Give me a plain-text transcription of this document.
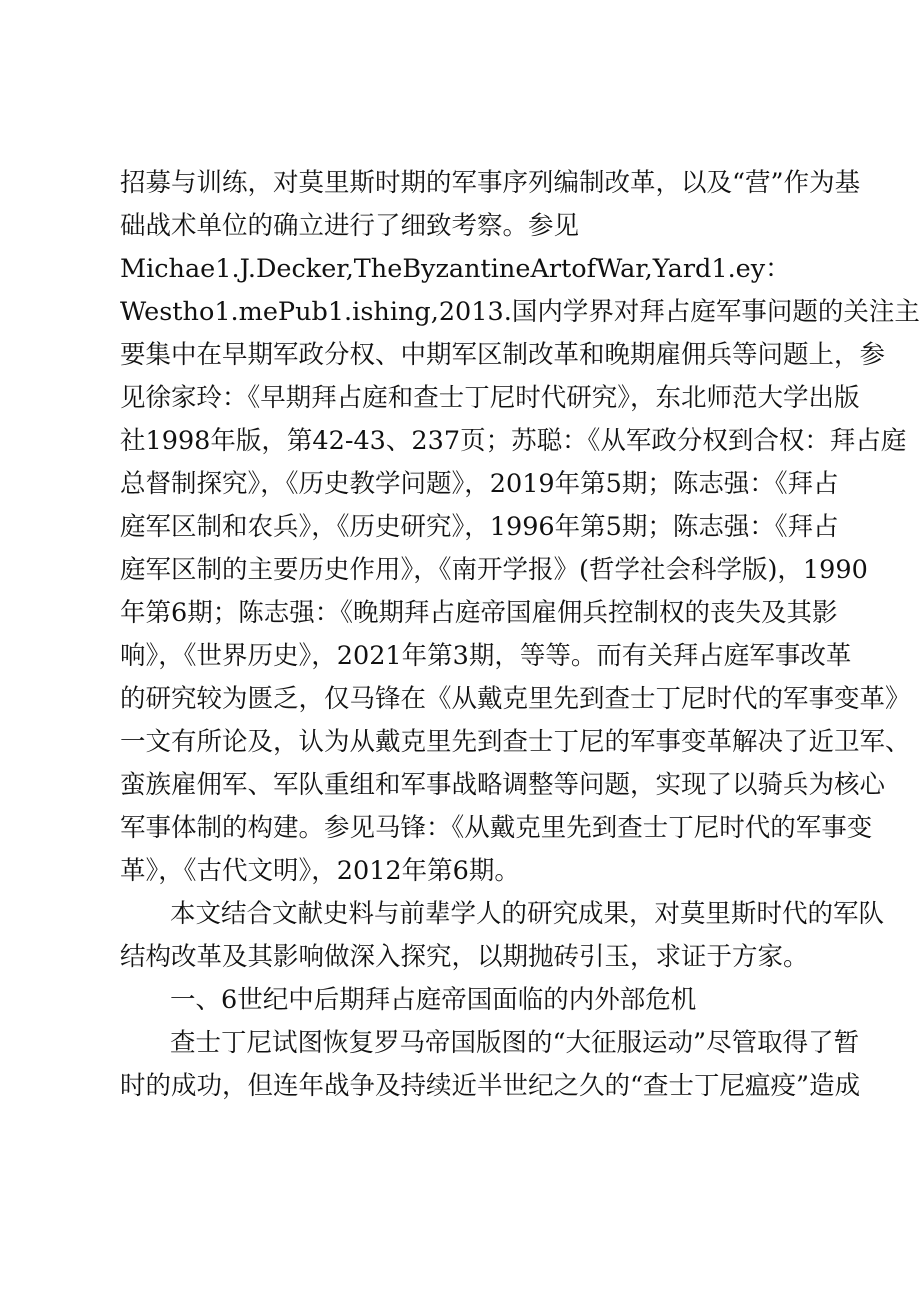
招募与训练，对莫里斯时期的军事序列编制改革，以及“营”作为基
础战术单位的确立进行了细致考察。参见
Michae1.J.Decker,TheByzantineArtofWar,Yard1.ey：
Westho1.mePub1.ishing,2013.国内学界对拜占庭军事问题的关注主
要集中在早期军政分权、中期军区制改革和晚期雇佣兵等问题上，参
见徐家玲：《早期拜占庭和查士丁尼时代研究》，东北师范大学出版
社1998年版，第42-43、237页；苏聪：《从军政分权到合权：拜占庭
总督制探究》，《历史教学问题》，2019年第5期；陈志强：《拜占
庭军区制和农兵》，《历史研究》，1996年第5期；陈志强：《拜占
庭军区制的主要历史作用》，《南开学报》(哲学社会科学版)，1990
年第6期；陈志强：《晚期拜占庭帝国雇佣兵控制权的丧失及其影
响》，《世界历史》，2021年第3期，等等。而有关拜占庭军事改革
的研究较为匮乏，仅马锋在《从戴克里先到查士丁尼时代的军事变革》
一文有所论及，认为从戴克里先到查士丁尼的军事变革解决了近卫军、
蛮族雇佣军、军队重组和军事战略调整等问题，实现了以骑兵为核心
军事体制的构建。参见马锋：《从戴克里先到查士丁尼时代的军事变
革》，《古代文明》，2012年第6期。
本文结合文献史料与前辈学人的研究成果，对莫里斯时代的军队
结构改革及其影响做深入探究，以期抛砖引玉，求证于方家。
一、6世纪中后期拜占庭帝国面临的内外部危机
查士丁尼试图恢复罗马帝国版图的“大征服运动”尽管取得了暂
时的成功，但连年战争及持续近半世纪之久的“查士丁尼瘟疫”造成
